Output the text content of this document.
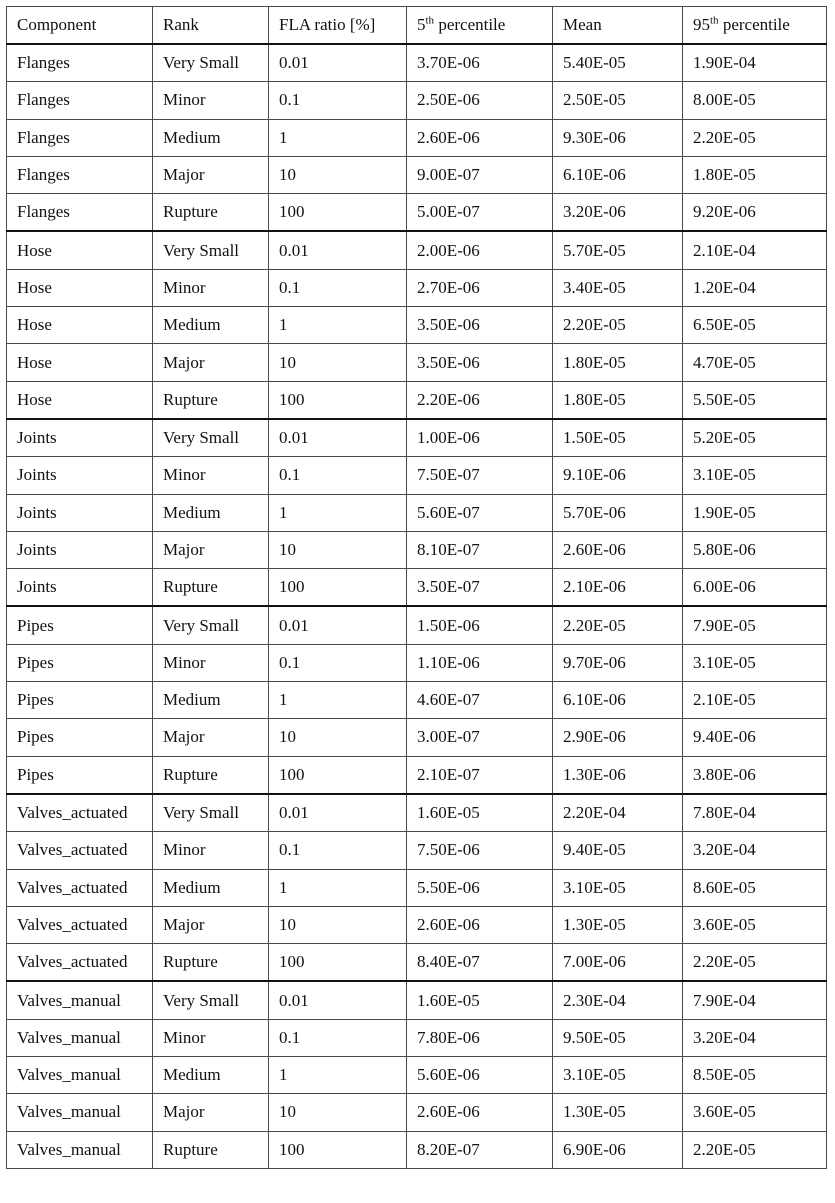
Component	Rank	FLA ratio [%]	5th percentile	Mean	95th percentile
Flanges	Very Small	0.01	3.70E-06	5.40E-05	1.90E-04
Flanges	Minor	0.1	2.50E-06	2.50E-05	8.00E-05
Flanges	Medium	1	2.60E-06	9.30E-06	2.20E-05
Flanges	Major	10	9.00E-07	6.10E-06	1.80E-05
Flanges	Rupture	100	5.00E-07	3.20E-06	9.20E-06
Hose	Very Small	0.01	2.00E-06	5.70E-05	2.10E-04
Hose	Minor	0.1	2.70E-06	3.40E-05	1.20E-04
Hose	Medium	1	3.50E-06	2.20E-05	6.50E-05
Hose	Major	10	3.50E-06	1.80E-05	4.70E-05
Hose	Rupture	100	2.20E-06	1.80E-05	5.50E-05
Joints	Very Small	0.01	1.00E-06	1.50E-05	5.20E-05
Joints	Minor	0.1	7.50E-07	9.10E-06	3.10E-05
Joints	Medium	1	5.60E-07	5.70E-06	1.90E-05
Joints	Major	10	8.10E-07	2.60E-06	5.80E-06
Joints	Rupture	100	3.50E-07	2.10E-06	6.00E-06
Pipes	Very Small	0.01	1.50E-06	2.20E-05	7.90E-05
Pipes	Minor	0.1	1.10E-06	9.70E-06	3.10E-05
Pipes	Medium	1	4.60E-07	6.10E-06	2.10E-05
Pipes	Major	10	3.00E-07	2.90E-06	9.40E-06
Pipes	Rupture	100	2.10E-07	1.30E-06	3.80E-06
Valves_actuated	Very Small	0.01	1.60E-05	2.20E-04	7.80E-04
Valves_actuated	Minor	0.1	7.50E-06	9.40E-05	3.20E-04
Valves_actuated	Medium	1	5.50E-06	3.10E-05	8.60E-05
Valves_actuated	Major	10	2.60E-06	1.30E-05	3.60E-05
Valves_actuated	Rupture	100	8.40E-07	7.00E-06	2.20E-05
Valves_manual	Very Small	0.01	1.60E-05	2.30E-04	7.90E-04
Valves_manual	Minor	0.1	7.80E-06	9.50E-05	3.20E-04
Valves_manual	Medium	1	5.60E-06	3.10E-05	8.50E-05
Valves_manual	Major	10	2.60E-06	1.30E-05	3.60E-05
Valves_manual	Rupture	100	8.20E-07	6.90E-06	2.20E-05
